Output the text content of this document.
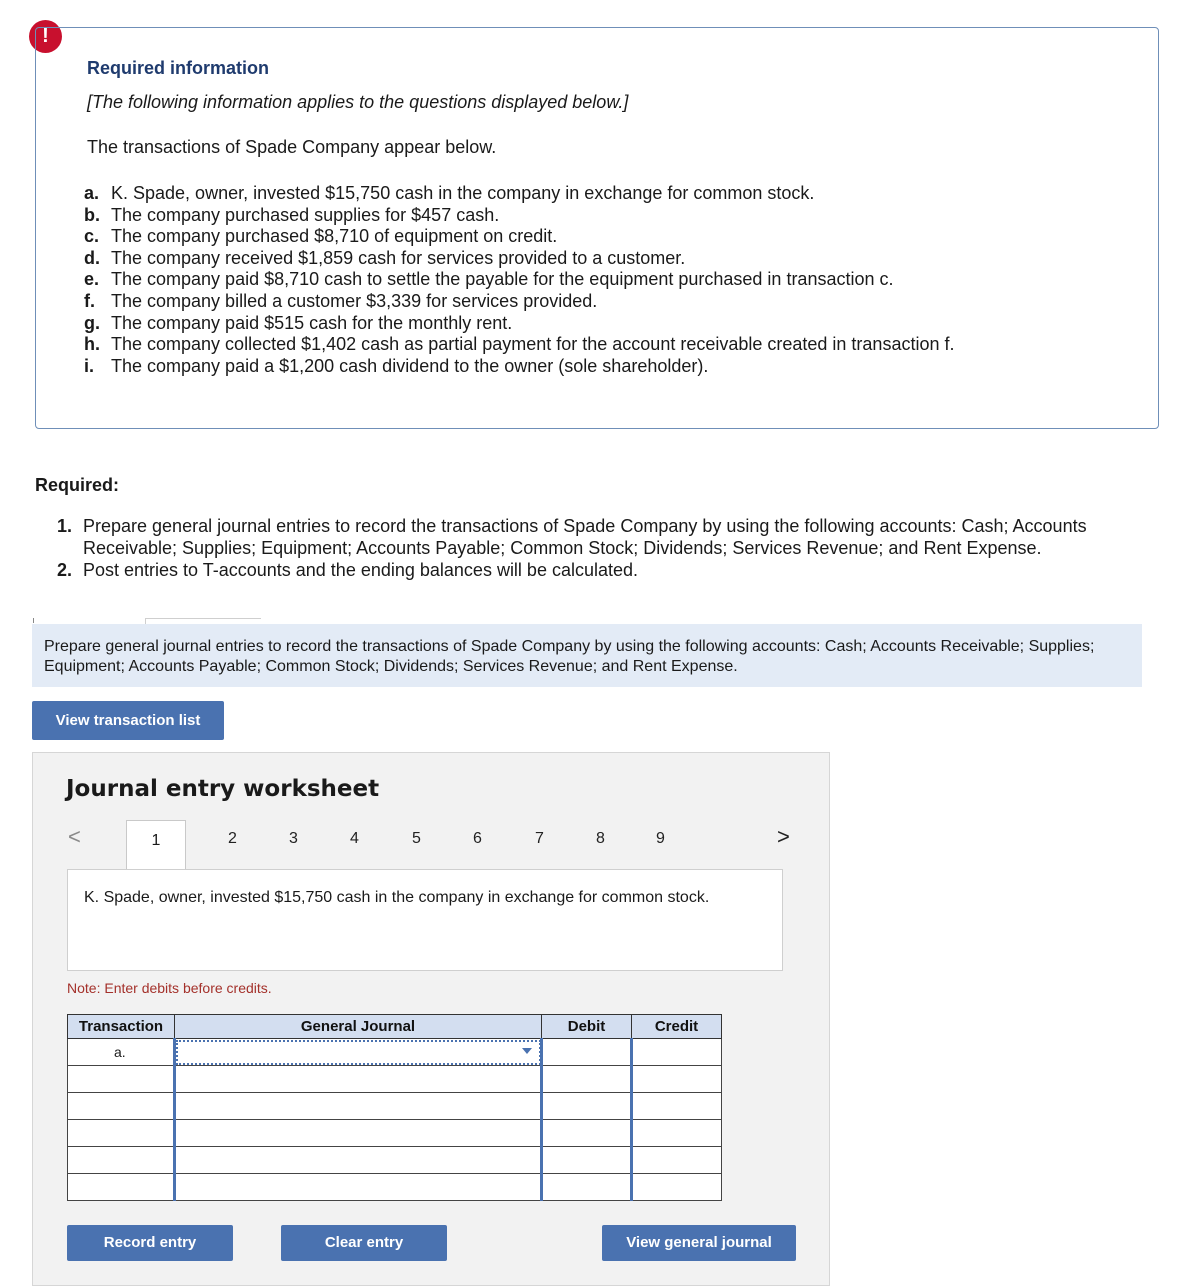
!
Required information
[The following information applies to the questions displayed below.]
The transactions of Spade Company appear below.
a. K. Spade, owner, invested $15,750 cash in the company in exchange for common stock.
b. The company purchased supplies for $457 cash.
c. The company purchased $8,710 of equipment on credit.
d. The company received $1,859 cash for services provided to a customer.
e. The company paid $8,710 cash to settle the payable for the equipment purchased in transaction c.
f. The company billed a customer $3,339 for services provided.
g. The company paid $515 cash for the monthly rent.
h. The company collected $1,402 cash as partial payment for the account receivable created in transaction f.
i. The company paid a $1,200 cash dividend to the owner (sole shareholder).
Required:
1. Prepare general journal entries to record the transactions of Spade Company by using the following accounts: Cash; Accounts Receivable; Supplies; Equipment; Accounts Payable; Common Stock; Dividends; Services Revenue; and Rent Expense.
2. Post entries to T-accounts and the ending balances will be calculated.
Prepare general journal entries to record the transactions of Spade Company by using the following accounts: Cash; Accounts Receivable; Supplies; Equipment; Accounts Payable; Common Stock; Dividends; Services Revenue; and Rent Expense.
View transaction list
Journal entry worksheet
<	1	2	3	4	5	6	7	8	9	>
K. Spade, owner, invested $15,750 cash in the company in exchange for common stock.
Note: Enter debits before credits.
Transaction	General Journal	Debit	Credit
a.	

Record entry	Clear entry	View general journal
